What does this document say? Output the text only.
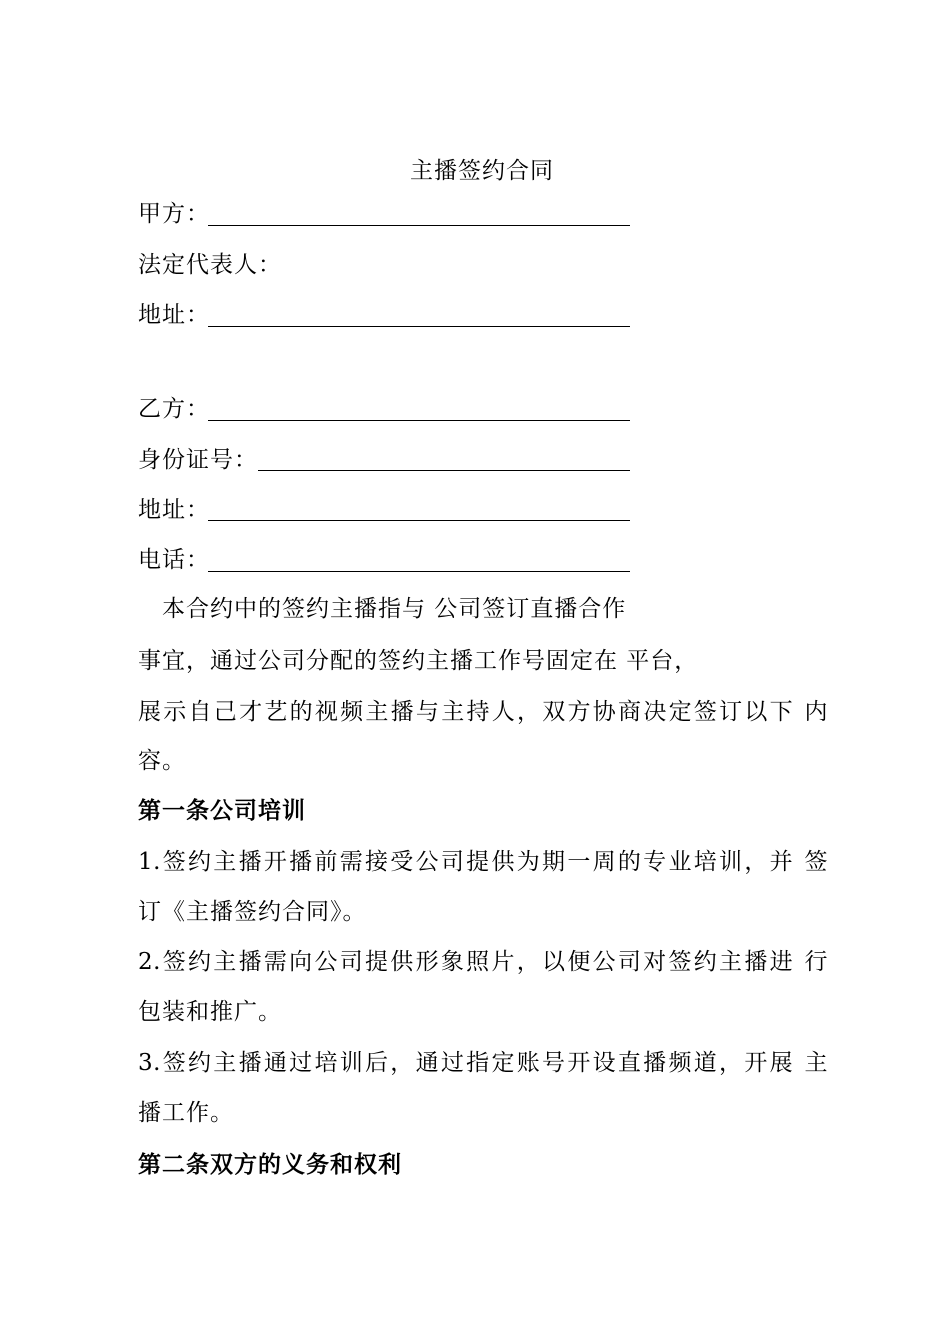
主播签约合同
甲方：
法定代表人：
地址：
乙方：
身份证号：
地址：
电话：
本合约中的签约主播指与 公司签订直播合作
事宜，通过公司分配的签约主播工作号固定在 平台，
展示自己才艺的视频主播与主持人，双方协商决定签订以下 内
容。
第一条公司培训
1.签约主播开播前需接受公司提供为期一周的专业培训，并 签
订《主播签约合同》。
2.签约主播需向公司提供形象照片，以便公司对签约主播进 行
包装和推广。
3.签约主播通过培训后，通过指定账号开设直播频道，开展 主
播工作。
第二条双方的义务和权利
